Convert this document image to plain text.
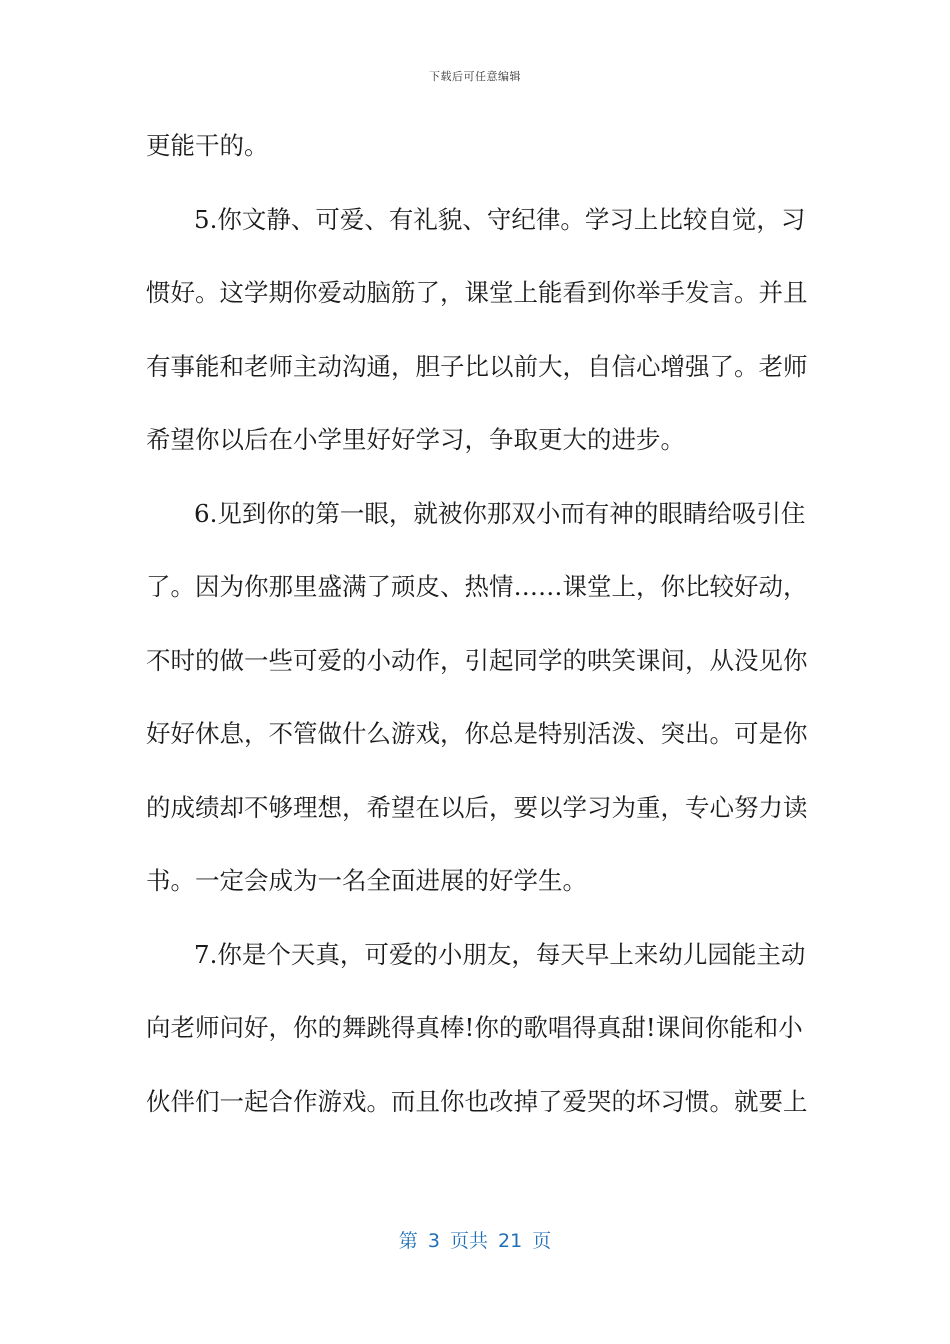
下载后可任意编辑
更能干的。
5.你文静、可爱、有礼貌、守纪律。学习上比较自觉，习
惯好。这学期你爱动脑筋了，课堂上能看到你举手发言。并且
有事能和老师主动沟通，胆子比以前大，自信心增强了。老师
希望你以后在小学里好好学习，争取更大的进步。
6.见到你的第一眼，就被你那双小而有神的眼睛给吸引住
了。因为你那里盛满了顽皮、热情……课堂上，你比较好动，
不时的做一些可爱的小动作，引起同学的哄笑课间，从没见你
好好休息，不管做什么游戏，你总是特别活泼、突出。可是你
的成绩却不够理想，希望在以后，要以学习为重，专心努力读
书。一定会成为一名全面进展的好学生。
7.你是个天真，可爱的小朋友，每天早上来幼儿园能主动
向老师问好，你的舞跳得真棒!你的歌唱得真甜!课间你能和小
伙伴们一起合作游戏。而且你也改掉了爱哭的坏习惯。就要上
第 3 页共 21 页
